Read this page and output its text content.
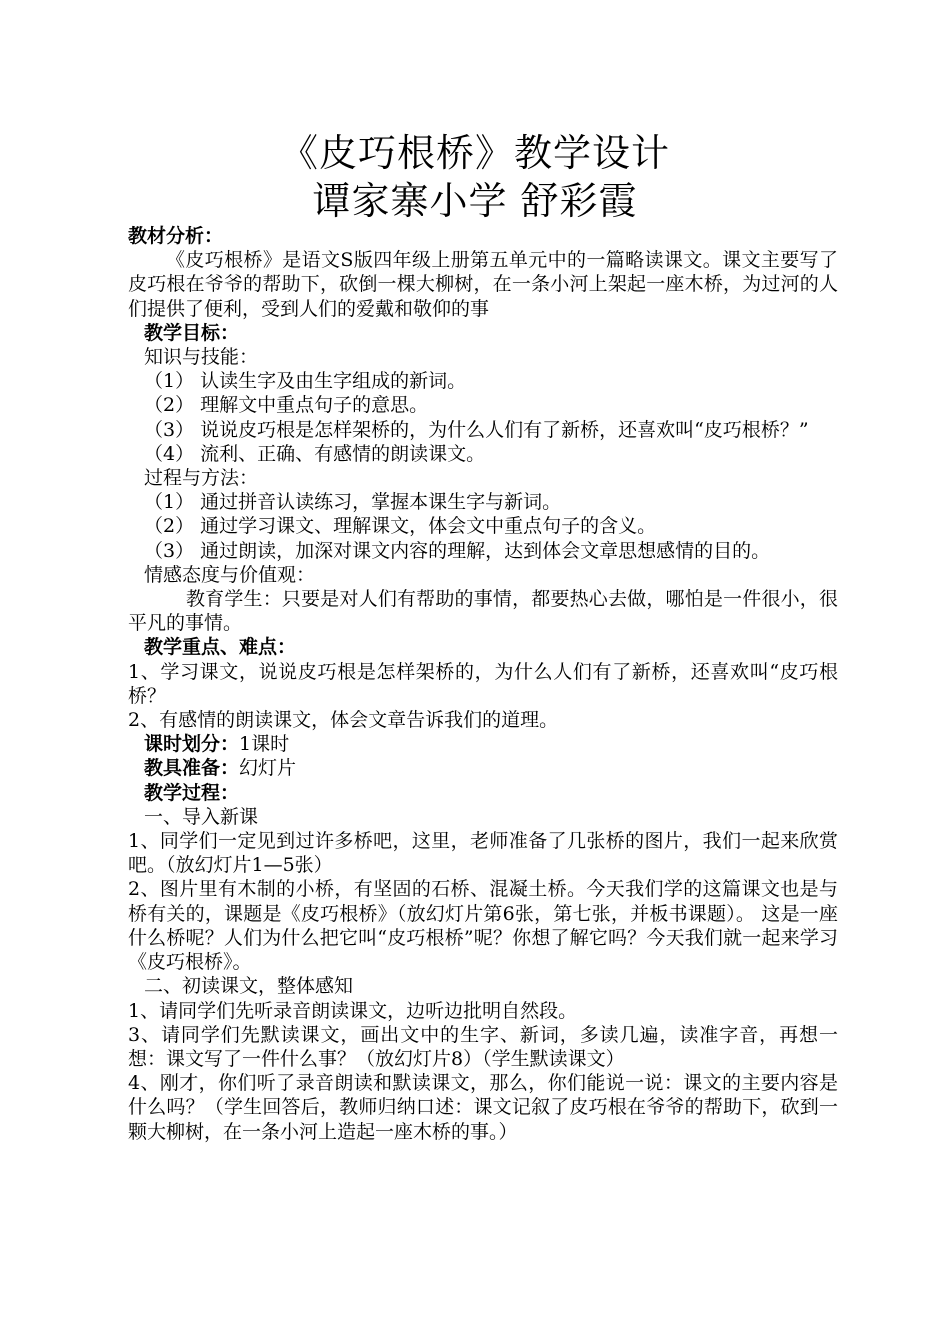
《皮巧根桥》教学设计
谭家寨小学 舒彩霞

教材分析：

《皮巧根桥》是语文S版四年级上册第五单元中的一篇略读课文。课文主要写了皮巧根在爷爷的帮助下，砍倒一棵大柳树，在一条小河上架起一座木桥，为过河的人们提供了便利，受到人们的爱戴和敬仰的事

教学目标：

知识与技能：

（1） 认读生字及由生字组成的新词。

（2） 理解文中重点句子的意思。

（3） 说说皮巧根是怎样架桥的，为什么人们有了新桥，还喜欢叫“皮巧根桥？”

（4） 流利、正确、有感情的朗读课文。

过程与方法：

（1） 通过拼音认读练习，掌握本课生字与新词。

（2） 通过学习课文、理解课文，体会文中重点句子的含义。

（3） 通过朗读，加深对课文内容的理解，达到体会文章思想感情的目的。

情感态度与价值观：

教育学生：只要是对人们有帮助的事情，都要热心去做，哪怕是一件很小，很平凡的事情。

教学重点、难点：

1、学习课文，说说皮巧根是怎样架桥的，为什么人们有了新桥，还喜欢叫“皮巧根桥？

2、有感情的朗读课文，体会文章告诉我们的道理。

课时划分：1课时

教具准备：幻灯片

教学过程：

一、导入新课

1、同学们一定见到过许多桥吧，这里，老师准备了几张桥的图片，我们一起来欣赏吧。（放幻灯片1—5张）

2、图片里有木制的小桥，有坚固的石桥、混凝土桥。今天我们学的这篇课文也是与桥有关的，课题是《皮巧根桥》（放幻灯片第6张，第七张，并板书课题）。 这是一座什么桥呢？人们为什么把它叫“皮巧根桥”呢？你想了解它吗？今天我们就一起来学习《皮巧根桥》。

二、初读课文，整体感知

1、请同学们先听录音朗读课文，边听边批明自然段。

3、请同学们先默读课文，画出文中的生字、新词，多读几遍，读准字音，再想一想：课文写了一件什么事？（放幻灯片8）（学生默读课文）

4、刚才，你们听了录音朗读和默读课文，那么，你们能说一说：课文的主要内容是什么吗？（学生回答后，教师归纳口述：课文记叙了皮巧根在爷爷的帮助下，砍到一颗大柳树，在一条小河上造起一座木桥的事。）
